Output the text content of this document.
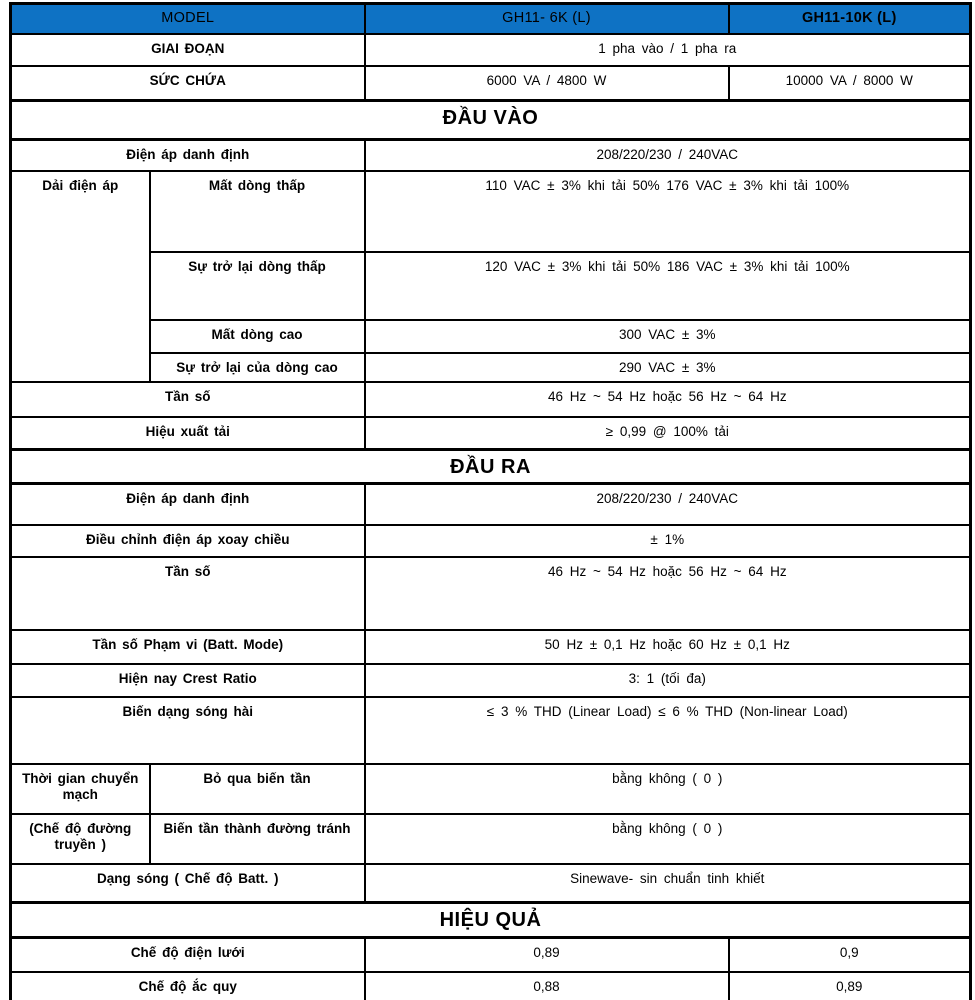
MODEL		GH11- 6K (L)	GH11-10K (L)
GIAI ĐOẠN		1 pha vào / 1 pha ra	
SỨC CHỨA		6000 VA / 4800 W	10000 VA / 8000 W
ĐẦU VÀO			
Điện áp danh định		208/220/230 / 240VAC	
Dải điện áp	Mất dòng thấp	110 VAC ± 3% khi tải 50% 176 VAC ± 3% khi tải 100%	
	Sự trở lại dòng thấp	120 VAC ± 3% khi tải 50% 186 VAC ± 3% khi tải 100%	
	Mất dòng cao	300 VAC ± 3%	
	Sự trở lại của dòng cao	290 VAC ± 3%	
Tần số		46 Hz ~ 54 Hz hoặc 56 Hz ~ 64 Hz	
Hiệu xuất tải		≥ 0,99 @ 100% tải	
ĐẦU RA			
Điện áp danh định		208/220/230 / 240VAC	
Điều chỉnh điện áp xoay chiều		± 1%	
Tần số		46 Hz ~ 54 Hz hoặc 56 Hz ~ 64 Hz	
Tần số Phạm vi (Batt. Mode)		50 Hz ± 0,1 Hz hoặc 60 Hz ± 0,1 Hz	
Hiện nay Crest Ratio		3: 1 (tối đa)	
Biến dạng sóng hài		≤ 3 % THD (Linear Load) ≤ 6 % THD (Non-linear Load)	
Thời gian chuyển mạch	Bỏ qua biến tần	bằng không ( 0 )	
(Chế độ đường truyền )	Biến tần thành đường tránh	bằng không ( 0 )	
Dạng sóng ( Chế độ Batt. )		Sinewave- sin chuẩn tinh khiết	
HIỆU QUẢ			
Chế độ điện lưới		0,89	0,9
Chế độ ắc quy		0,88	0,89
